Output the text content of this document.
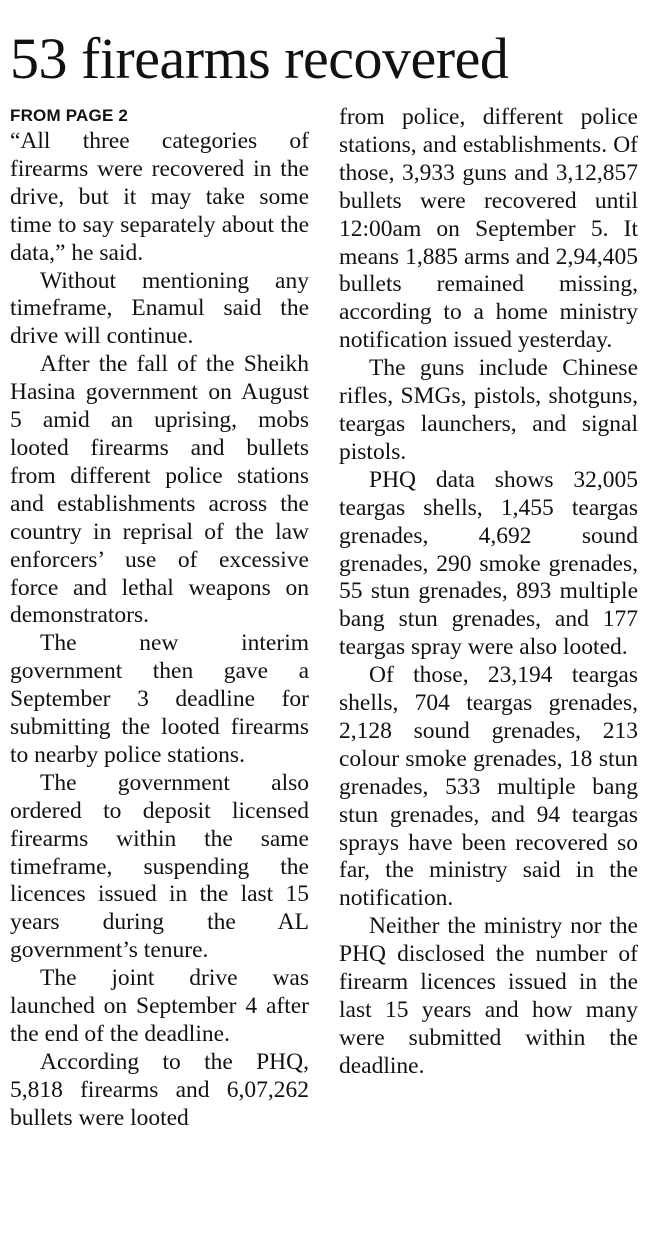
53 firearms recovered
FROM PAGE 2

“All three categories of firearms were recovered in the drive, but it may take some time to say separately about the data,” he said.

Without mentioning any timeframe, Enamul said the drive will continue.

After the fall of the Sheikh Hasina government on August 5 amid an uprising, mobs looted firearms and bullets from different police stations and establishments across the country in reprisal of the law enforcers’ use of excessive force and lethal weapons on demonstrators.

The new interim government then gave a September 3 deadline for submitting the looted firearms to nearby police stations.

The government also ordered to deposit licensed firearms within the same timeframe, suspending the licences issued in the last 15 years during the AL government’s tenure.

The joint drive was launched on September 4 after the end of the deadline.

According to the PHQ, 5,818 firearms and 6,07,262 bullets were looted

from police, different police stations, and establishments. Of those, 3,933 guns and 3,12,857 bullets were recovered until 12:00am on September 5. It means 1,885 arms and 2,94,405 bullets remained missing, according to a home ministry notification issued yesterday.

The guns include Chinese rifles, SMGs, pistols, shotguns, teargas launchers, and signal pistols.

PHQ data shows 32,005 teargas shells, 1,455 teargas grenades, 4,692 sound grenades, 290 smoke grenades, 55 stun grenades, 893 multiple bang stun grenades, and 177 teargas spray were also looted.

Of those, 23,194 teargas shells, 704 teargas grenades, 2,128 sound grenades, 213 colour smoke grenades, 18 stun grenades, 533 multiple bang stun grenades, and 94 teargas sprays have been recovered so far, the ministry said in the notification.

Neither the ministry nor the PHQ disclosed the number of firearm licences issued in the last 15 years and how many were submitted within the deadline.
